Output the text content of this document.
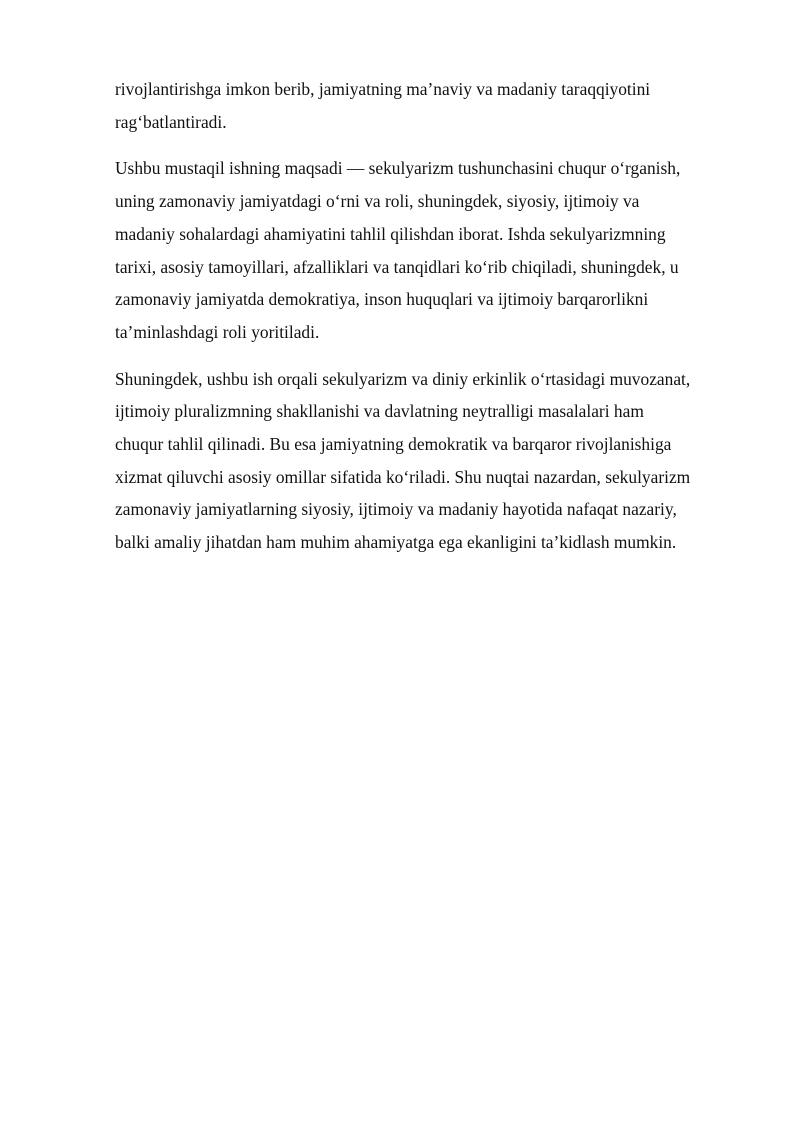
rivojlantirishga imkon berib, jamiyatning ma’naviy va madaniy taraqqiyotini
rag‘batlantiradi.

Ushbu mustaqil ishning maqsadi — sekulyarizm tushunchasini chuqur o‘rganish,
uning zamonaviy jamiyatdagi o‘rni va roli, shuningdek, siyosiy, ijtimoiy va
madaniy sohalardagi ahamiyatini tahlil qilishdan iborat. Ishda sekulyarizmning
tarixi, asosiy tamoyillari, afzalliklari va tanqidlari ko‘rib chiqiladi, shuningdek, u
zamonaviy jamiyatda demokratiya, inson huquqlari va ijtimoiy barqarorlikni
ta’minlashdagi roli yoritiladi.

Shuningdek, ushbu ish orqali sekulyarizm va diniy erkinlik o‘rtasidagi muvozanat,
ijtimoiy pluralizmning shakllanishi va davlatning neytralligi masalalari ham
chuqur tahlil qilinadi. Bu esa jamiyatning demokratik va barqaror rivojlanishiga
xizmat qiluvchi asosiy omillar sifatida ko‘riladi. Shu nuqtai nazardan, sekulyarizm
zamonaviy jamiyatlarning siyosiy, ijtimoiy va madaniy hayotida nafaqat nazariy,
balki amaliy jihatdan ham muhim ahamiyatga ega ekanligini ta’kidlash mumkin.
